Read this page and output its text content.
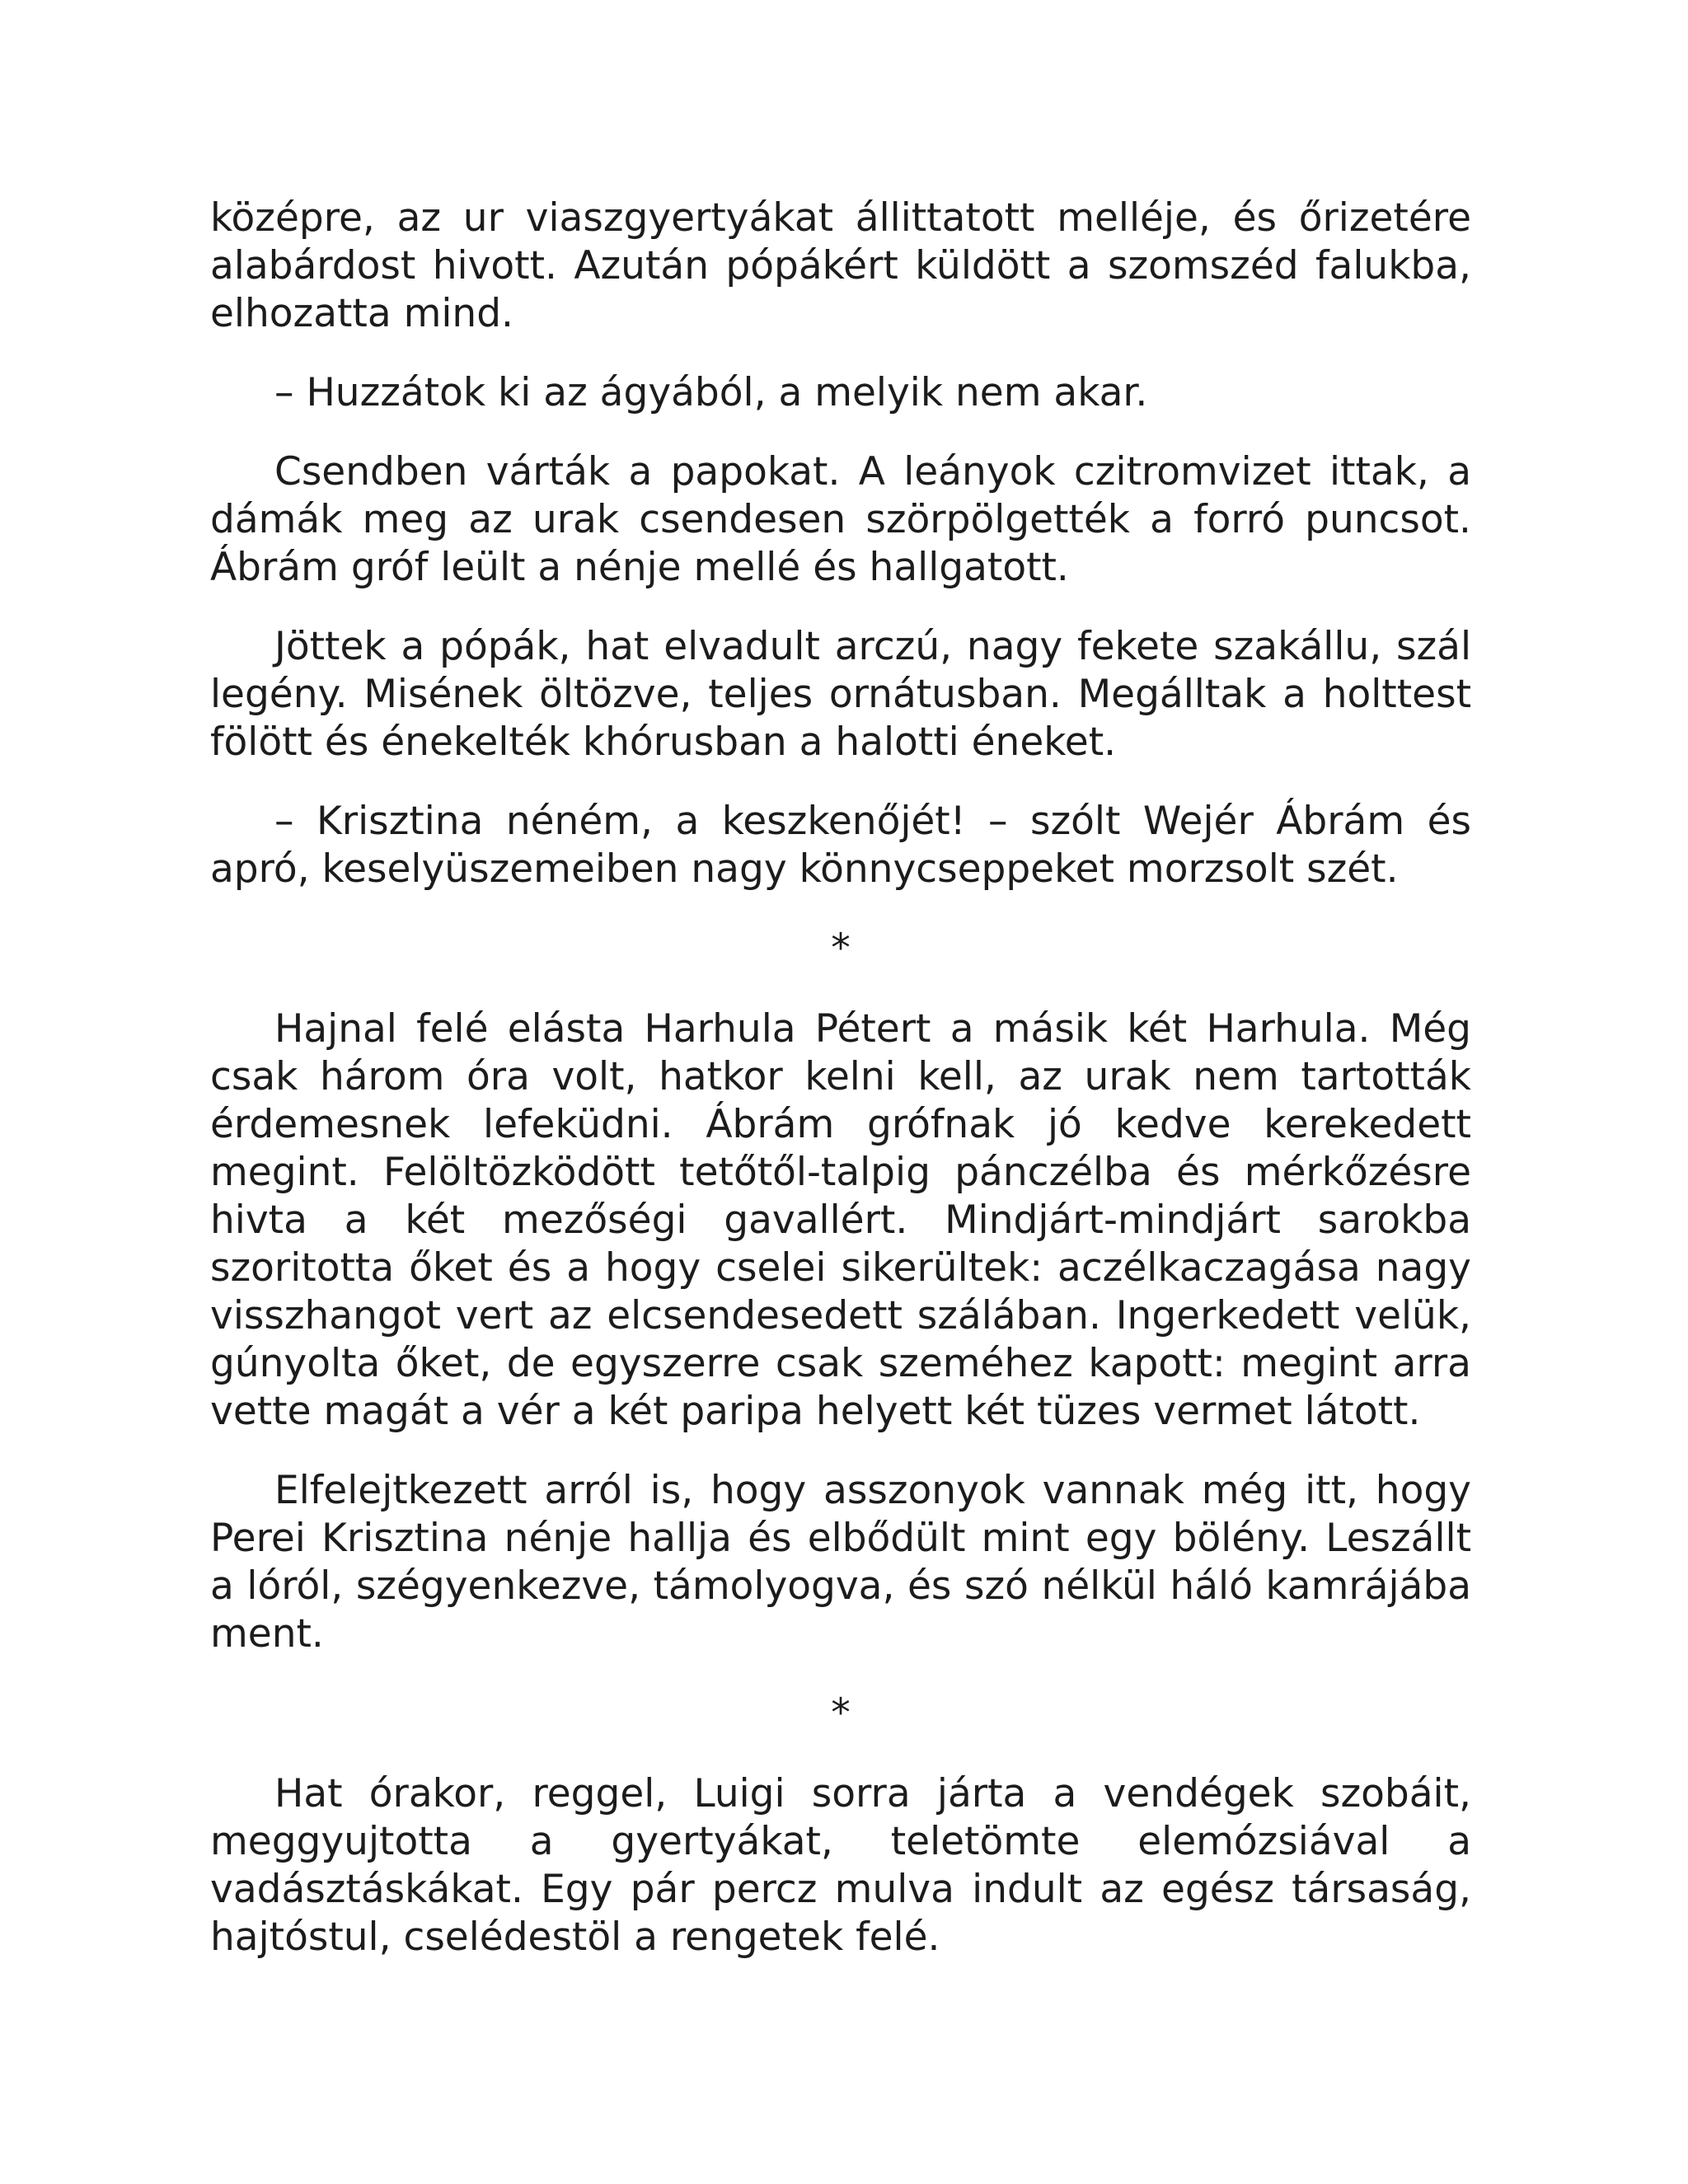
középre, az ur viaszgyertyákat állittatott melléje, és őrizetére alabárdost hivott. Azután pópákért küldött a szomszéd falukba, elhozatta mind.

– Huzzátok ki az ágyából, a melyik nem akar.

Csendben várták a papokat. A leányok czitromvizet ittak, a dámák meg az urak csendesen szörpölgették a forró puncsot. Ábrám gróf leült a nénje mellé és hallgatott.

Jöttek a pópák, hat elvadult arczú, nagy fekete szakállu, szál legény. Misének öltözve, teljes ornátusban. Megálltak a holttest fölött és énekelték khórusban a halotti éneket.

– Krisztina néném, a keszkenőjét! – szólt Wejér Ábrám és apró, keselyüszemeiben nagy könnycseppeket morzsolt szét.

*

Hajnal felé elásta Harhula Pétert a másik két Harhula. Még csak három óra volt, hatkor kelni kell, az urak nem tartották érdemesnek lefeküdni. Ábrám grófnak jó kedve kerekedett megint. Felöltözködött tetőtől-talpig pánczélba és mérkőzésre hivta a két mezőségi gavallért. Mindjárt-mindjárt sarokba szoritotta őket és a hogy cselei sikerültek: aczélkaczagása nagy visszhangot vert az elcsendesedett szálában. Ingerkedett velük, gúnyolta őket, de egyszerre csak szeméhez kapott: megint arra vette magát a vér a két paripa helyett két tüzes vermet látott.

Elfelejtkezett arról is, hogy asszonyok vannak még itt, hogy Perei Krisztina nénje hallja és elbődült mint egy bölény. Leszállt a lóról, szégyenkezve, támolyogva, és szó nélkül háló kamrájába ment.

*

Hat órakor, reggel, Luigi sorra járta a vendégek szobáit, meggyujtotta a gyertyákat, teletömte elemózsiával a vadásztáskákat. Egy pár percz mulva indult az egész társaság, hajtóstul, cselédestöl a rengetek felé.
